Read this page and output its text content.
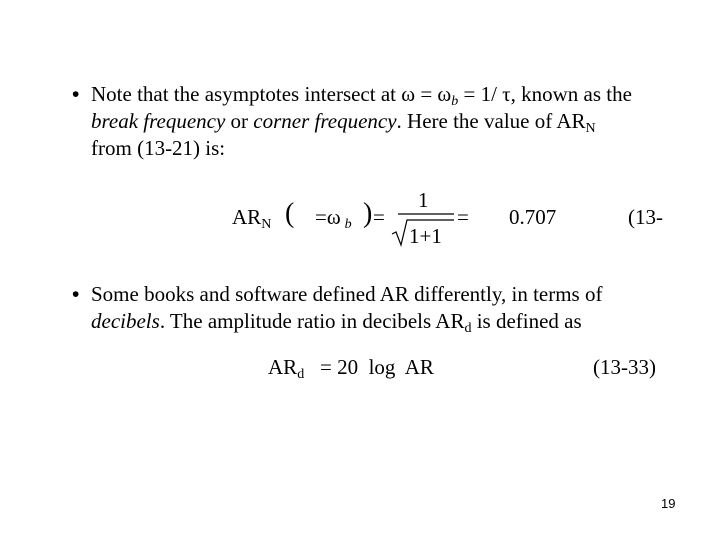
• Note that the asymptotes intersect at $\omega = \omega_b = 1/$ τ, known as the
break frequency or corner frequency. Here the value of $AR_N$
from (13-21) is:
$AR_N$ ( =ω $_b$ ) =
1
1+1
= 0.707	(13-
• Some books and software defined AR differently, in terms of
decibels. The amplitude ratio in decibels $AR_d$ is defined as
$AR_d = 20$  log  AR	(13-33)
19
